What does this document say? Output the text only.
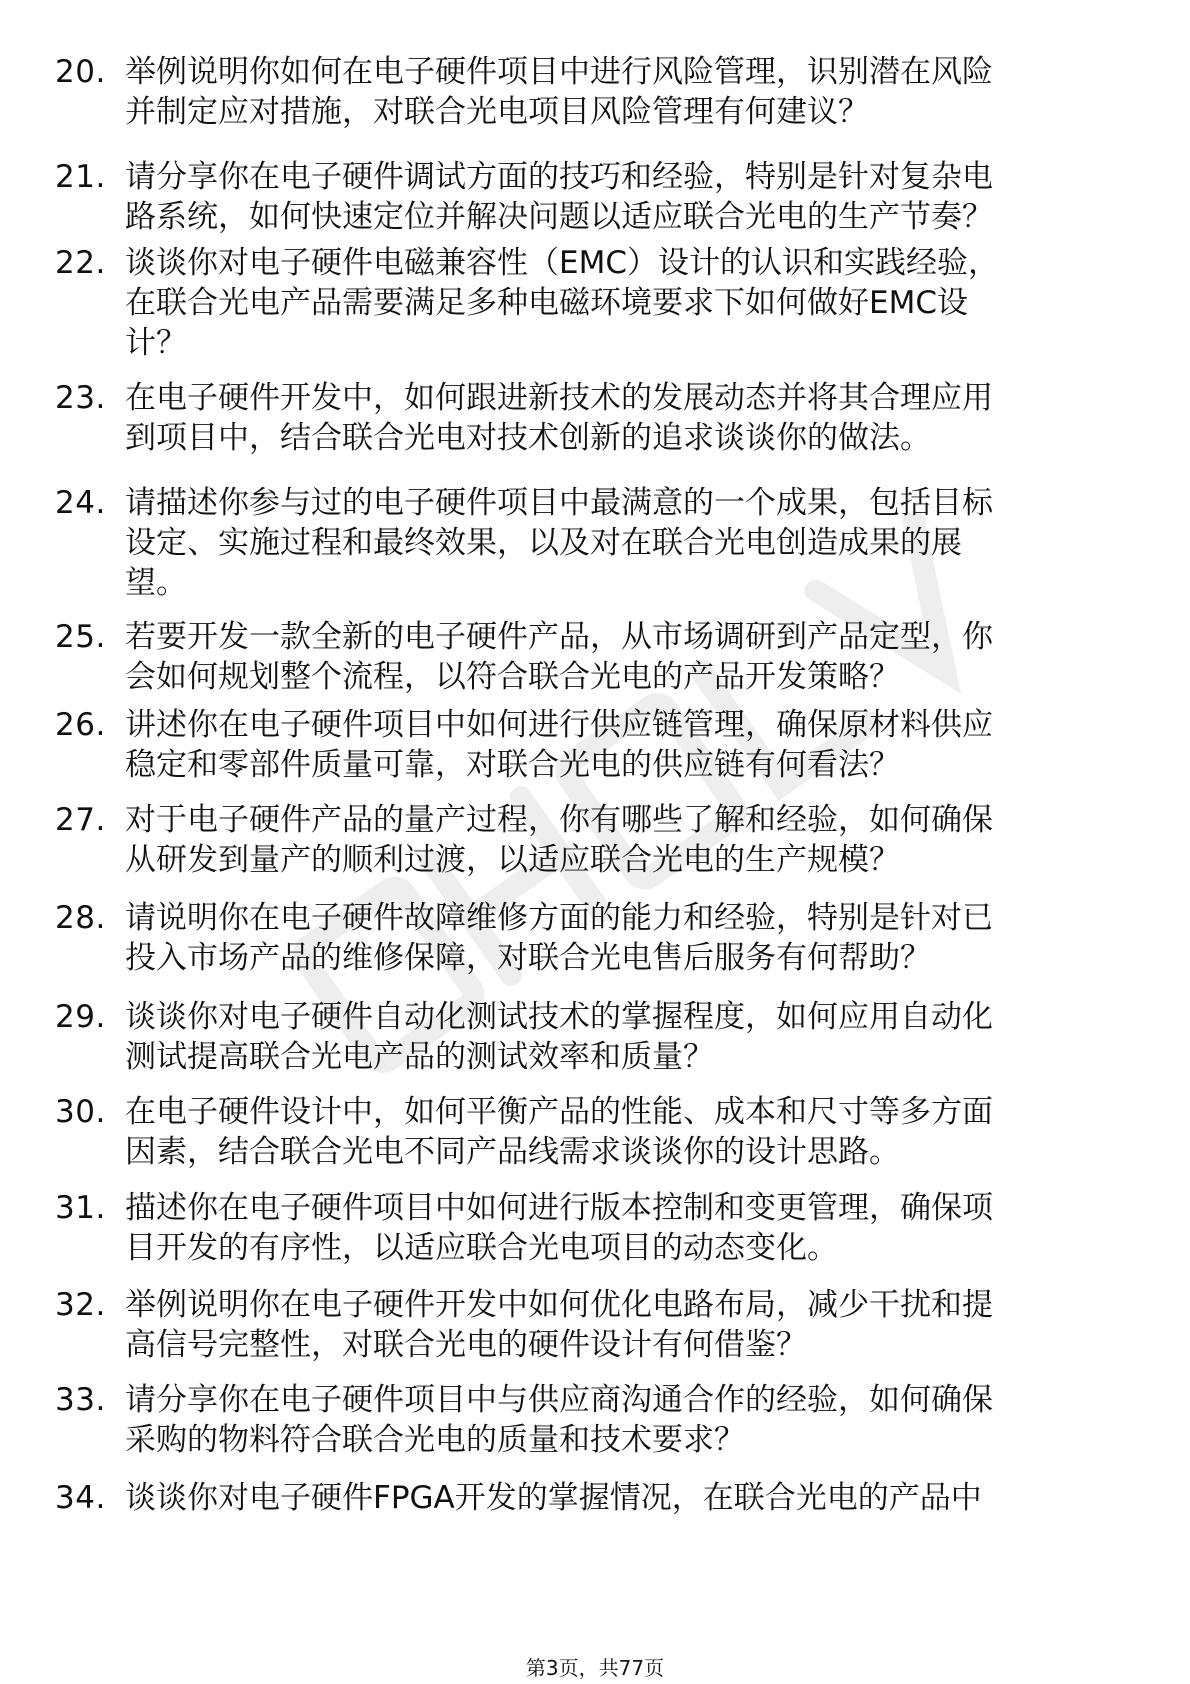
20. 举例说明你如何在电子硬件项目中进行风险管理，识别潜在风险
并制定应对措施，对联合光电项目风险管理有何建议？
21. 请分享你在电子硬件调试方面的技巧和经验，特别是针对复杂电
路系统，如何快速定位并解决问题以适应联合光电的生产节奏？
22. 谈谈你对电子硬件电磁兼容性（EMC）设计的认识和实践经验，
在联合光电产品需要满足多种电磁环境要求下如何做好EMC设
计？
23. 在电子硬件开发中，如何跟进新技术的发展动态并将其合理应用
到项目中，结合联合光电对技术创新的追求谈谈你的做法。
24. 请描述你参与过的电子硬件项目中最满意的一个成果，包括目标
设定、实施过程和最终效果，以及对在联合光电创造成果的展
望。
25. 若要开发一款全新的电子硬件产品，从市场调研到产品定型，你
会如何规划整个流程，以符合联合光电的产品开发策略？
26. 讲述你在电子硬件项目中如何进行供应链管理，确保原材料供应
稳定和零部件质量可靠，对联合光电的供应链有何看法？
27. 对于电子硬件产品的量产过程，你有哪些了解和经验，如何确保
从研发到量产的顺利过渡，以适应联合光电的生产规模？
28. 请说明你在电子硬件故障维修方面的能力和经验，特别是针对已
投入市场产品的维修保障，对联合光电售后服务有何帮助？
29. 谈谈你对电子硬件自动化测试技术的掌握程度，如何应用自动化
测试提高联合光电产品的测试效率和质量？
30. 在电子硬件设计中，如何平衡产品的性能、成本和尺寸等多方面
因素，结合联合光电不同产品线需求谈谈你的设计思路。
31. 描述你在电子硬件项目中如何进行版本控制和变更管理，确保项
目开发的有序性，以适应联合光电项目的动态变化。
32. 举例说明你在电子硬件开发中如何优化电路布局，减少干扰和提
高信号完整性，对联合光电的硬件设计有何借鉴？
33. 请分享你在电子硬件项目中与供应商沟通合作的经验，如何确保
采购的物料符合联合光电的质量和技术要求？
34. 谈谈你对电子硬件FPGA开发的掌握情况，在联合光电的产品中
第3页，共77页
